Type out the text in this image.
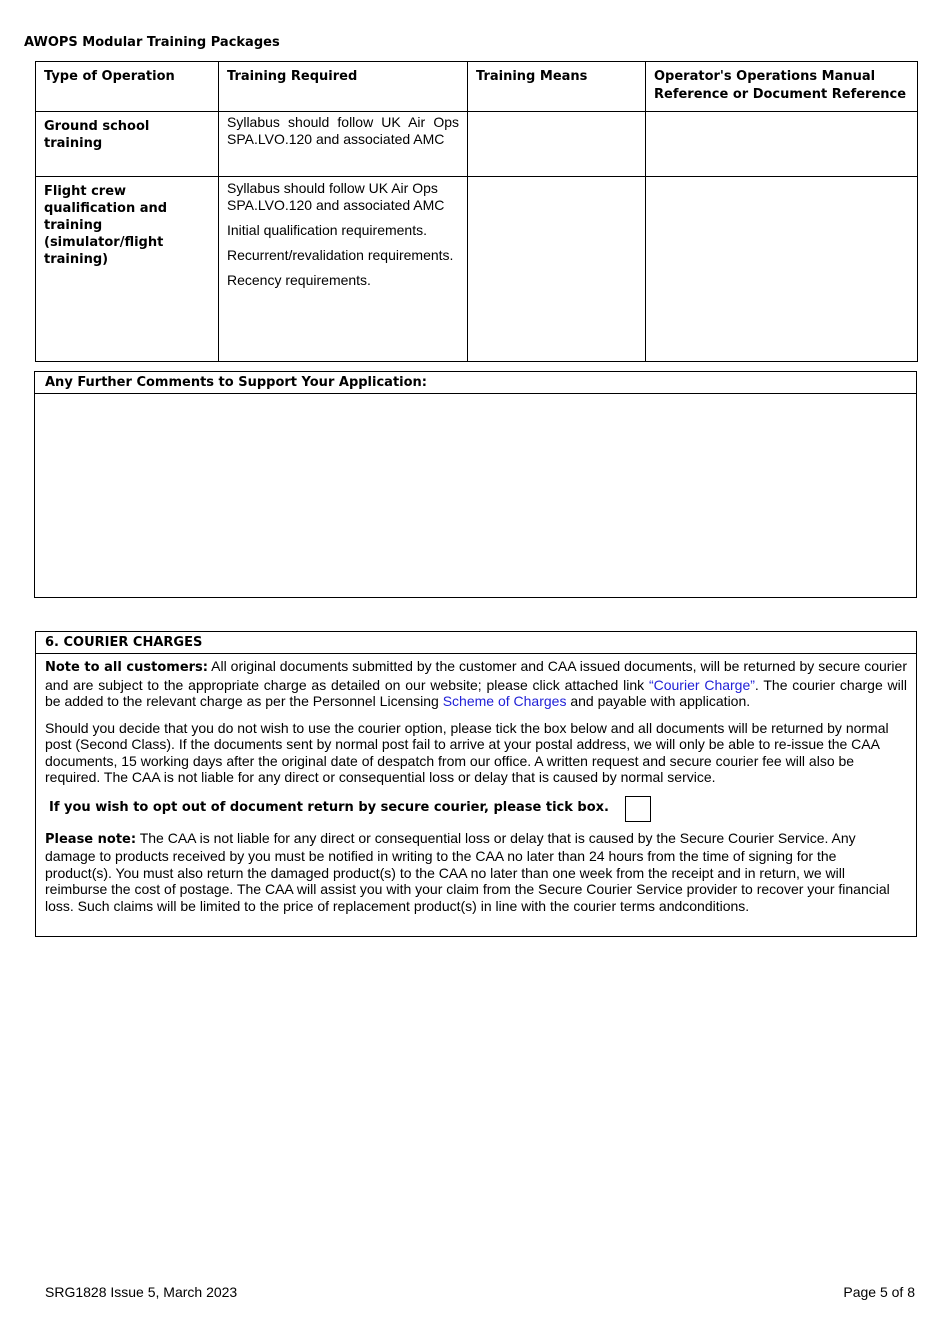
AWOPS Modular Training Packages
Type of Operation	Training Required	Training Means	Operator's Operations Manual Reference or Document Reference
Ground school training	Syllabus should follow UK Air Ops SPA.LVO.120 and associated AMC		

Flight crew qualification and training (simulator/flight training)	Syllabus should follow UK Air Ops SPA.LVO.120 and associated AMC

Initial qualification requirements.

Recurrent/revalidation requirements.

Recency requirements.		

Any Further Comments to Support Your Application:
6. COURIER CHARGES

Note to all customers: All original documents submitted by the customer and CAA issued documents, will be returned by secure courier and are subject to the appropriate charge as detailed on our website; please click attached link “Courier Charge”. The courier charge will be added to the relevant charge as per the Personnel Licensing Scheme of Charges and payable with application.

Should you decide that you do not wish to use the courier option, please tick the box below and all documents will be returned by normal post (Second Class). If the documents sent by normal post fail to arrive at your postal address, we will only be able to re-issue the CAA documents, 15 working days after the original date of despatch from our office. A written request and secure courier fee will also be required. The CAA is not liable for any direct or consequential loss or delay that is caused by normal service.

If you wish to opt out of document return by secure courier, please tick box.

Please note: The CAA is not liable for any direct or consequential loss or delay that is caused by the Secure Courier Service. Any damage to products received by you must be notified in writing to the CAA no later than 24 hours from the time of signing for the product(s). You must also return the damaged product(s) to the CAA no later than one week from the receipt and in return, we will reimburse the cost of postage. The CAA will assist you with your claim from the Secure Courier Service provider to recover your financial loss. Such claims will be limited to the price of replacement product(s) in line with the courier terms andconditions.

SRG1828 Issue 5, March 2023	Page 5 of 8
